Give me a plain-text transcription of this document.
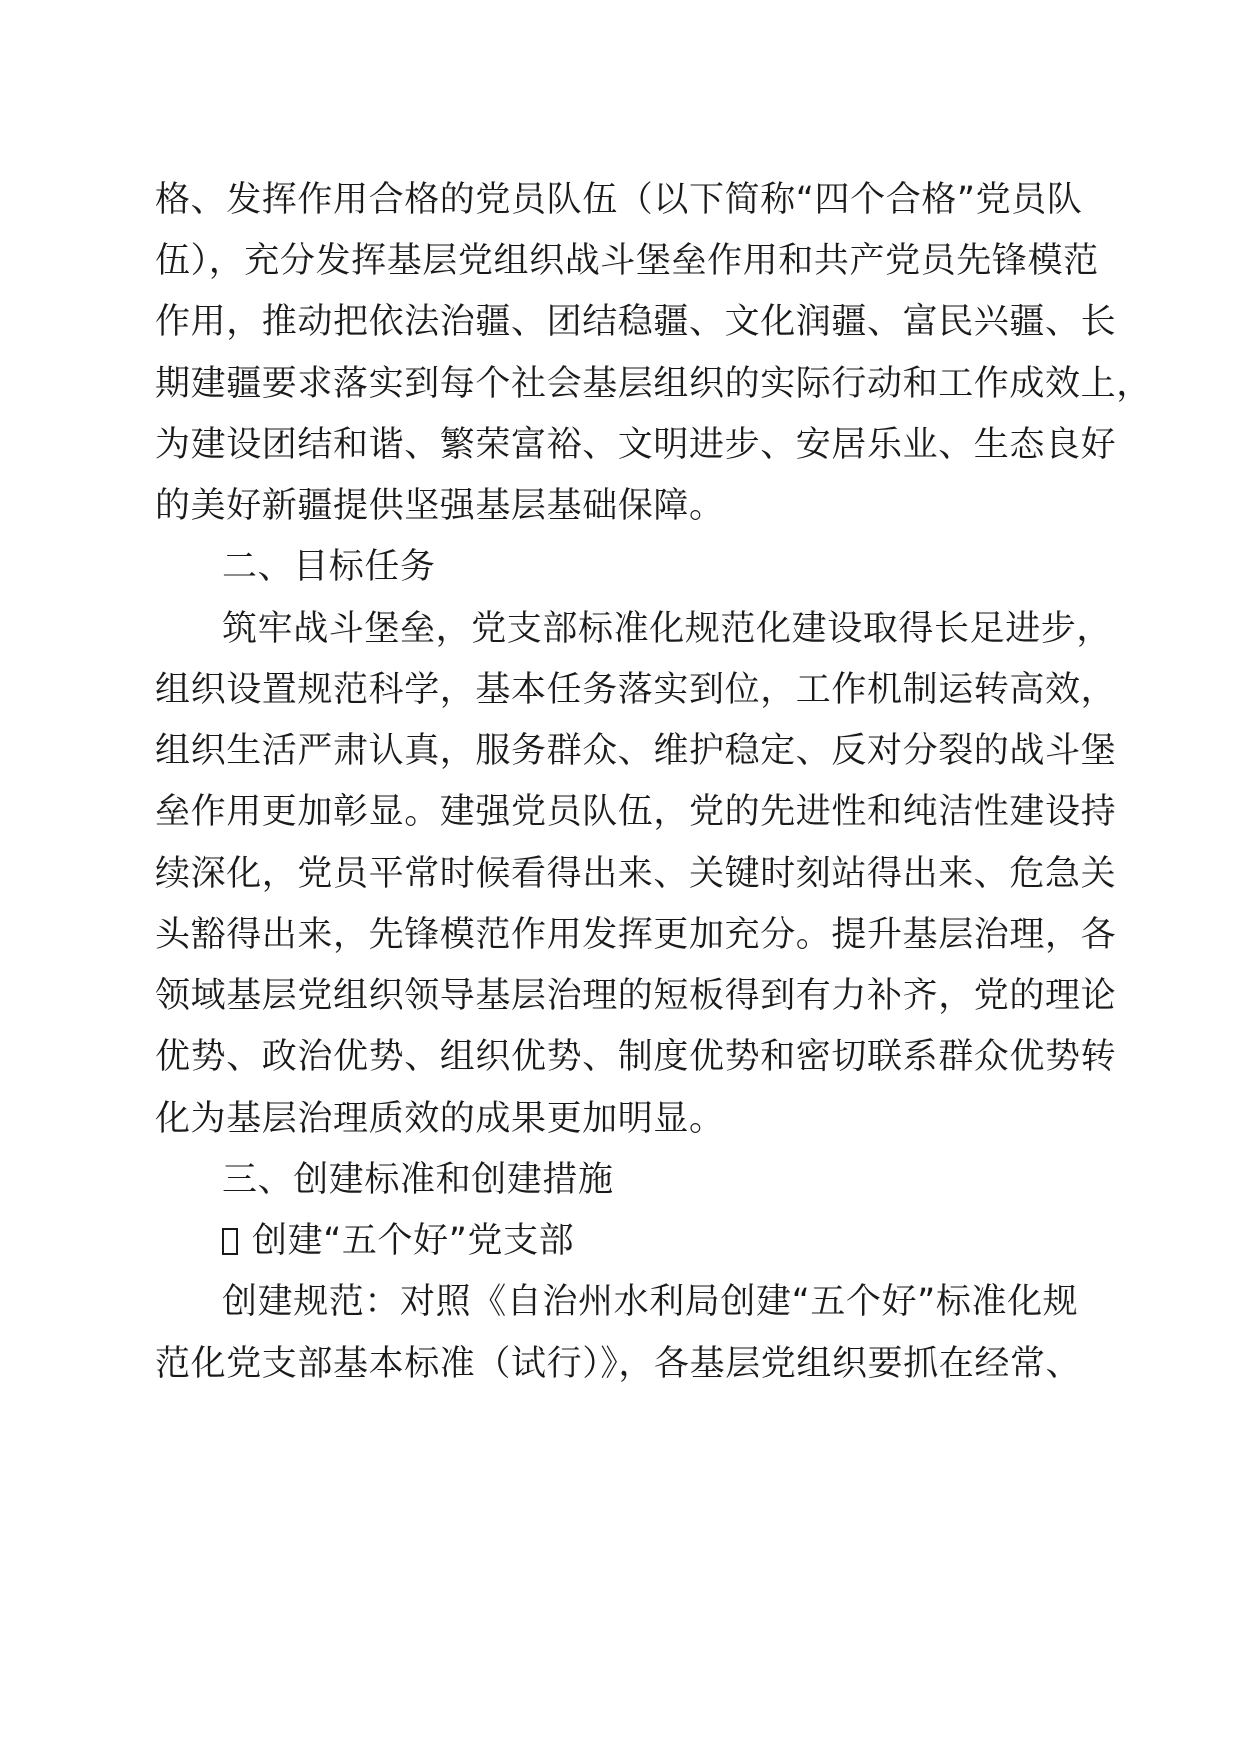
格、发挥作用合格的党员队伍（以下简称“四个合格”党员队
伍），充分发挥基层党组织战斗堡垒作用和共产党员先锋模范
作用，推动把依法治疆、团结稳疆、文化润疆、富民兴疆、长
期建疆要求落实到每个社会基层组织的实际行动和工作成效上，
为建设团结和谐、繁荣富裕、文明进步、安居乐业、生态良好
的美好新疆提供坚强基层基础保障。
二、目标任务
筑牢战斗堡垒，党支部标准化规范化建设取得长足进步，
组织设置规范科学，基本任务落实到位，工作机制运转高效，
组织生活严肃认真，服务群众、维护稳定、反对分裂的战斗堡
垒作用更加彰显。建强党员队伍，党的先进性和纯洁性建设持
续深化，党员平常时候看得出来、关键时刻站得出来、危急关
头豁得出来，先锋模范作用发挥更加充分。提升基层治理，各
领域基层党组织领导基层治理的短板得到有力补齐，党的理论
优势、政治优势、组织优势、制度优势和密切联系群众优势转
化为基层治理质效的成果更加明显。
三、创建标准和创建措施
创建“五个好”党支部
创建规范：对照《自治州水利局创建“五个好”标准化规
范化党支部基本标准（试行）》，各基层党组织要抓在经常、
